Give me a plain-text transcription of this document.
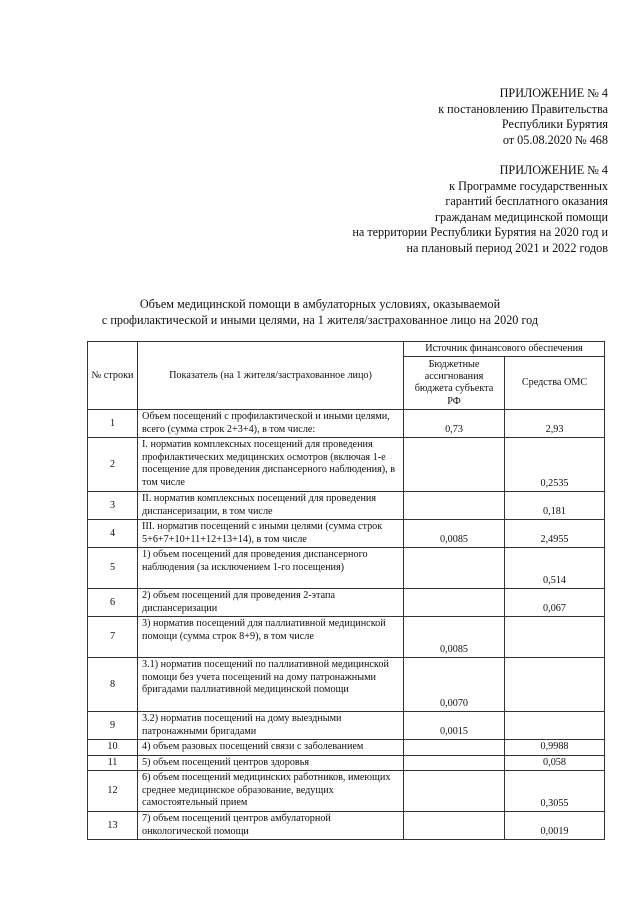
ПРИЛОЖЕНИЕ № 4
к постановлению Правительства
Республики Бурятия
от 05.08.2020 № 468
ПРИЛОЖЕНИЕ № 4
к Программе государственных
гарантий бесплатного оказания
гражданам медицинской помощи
на территории Республики Бурятия на 2020 год и
на плановый период 2021 и 2022 годов
Объем медицинской помощи в амбулаторных условиях, оказываемой
с профилактической и иными целями, на 1 жителя/застрахованное лицо на 2020 год
№ строки	Показатель (на 1 жителя/застрахованное лицо)	Источник финансового обеспечения	
		Бюджетные ассигнования бюджета субъекта РФ	Средства ОМС
1	Объем посещений с профилактической и иными целями, всего (сумма строк 2+3+4), в том числе:	0,73	2,93
2	I. норматив комплексных посещений для проведения профилактических медицинских осмотров (включая 1-е посещение для проведения диспансерного наблюдения), в том числе		0,2535
3	II. норматив комплексных посещений для проведения диспансеризации, в том числе		0,181
4	III. норматив посещений с иными целями (сумма строк 5+6+7+10+11+12+13+14), в том числе	0,0085	2,4955
5	1) объем посещений для проведения диспансерного наблюдения (за исключением 1-го посещения)		0,514
6	2) объем посещений для проведения 2-этапа диспансеризации		0,067
7	3) норматив посещений для паллиативной медицинской помощи (сумма строк 8+9), в том числе	0,0085	
8	3.1) норматив посещений по паллиативной медицинской помощи без учета посещений на дому патронажными бригадами паллиативной медицинской помощи	0,0070	
9	3.2) норматив посещений на дому выездными патронажными бригадами	0,0015	
10	4) объем разовых посещений связи с заболеванием		0,9988
11	5) объем посещений центров здоровья		0,058
12	6) объем посещений медицинских работников, имеющих среднее медицинское образование, ведущих самостоятельный прием		0,3055
13	7) объем посещений центров амбулаторной онкологической помощи		0,0019
